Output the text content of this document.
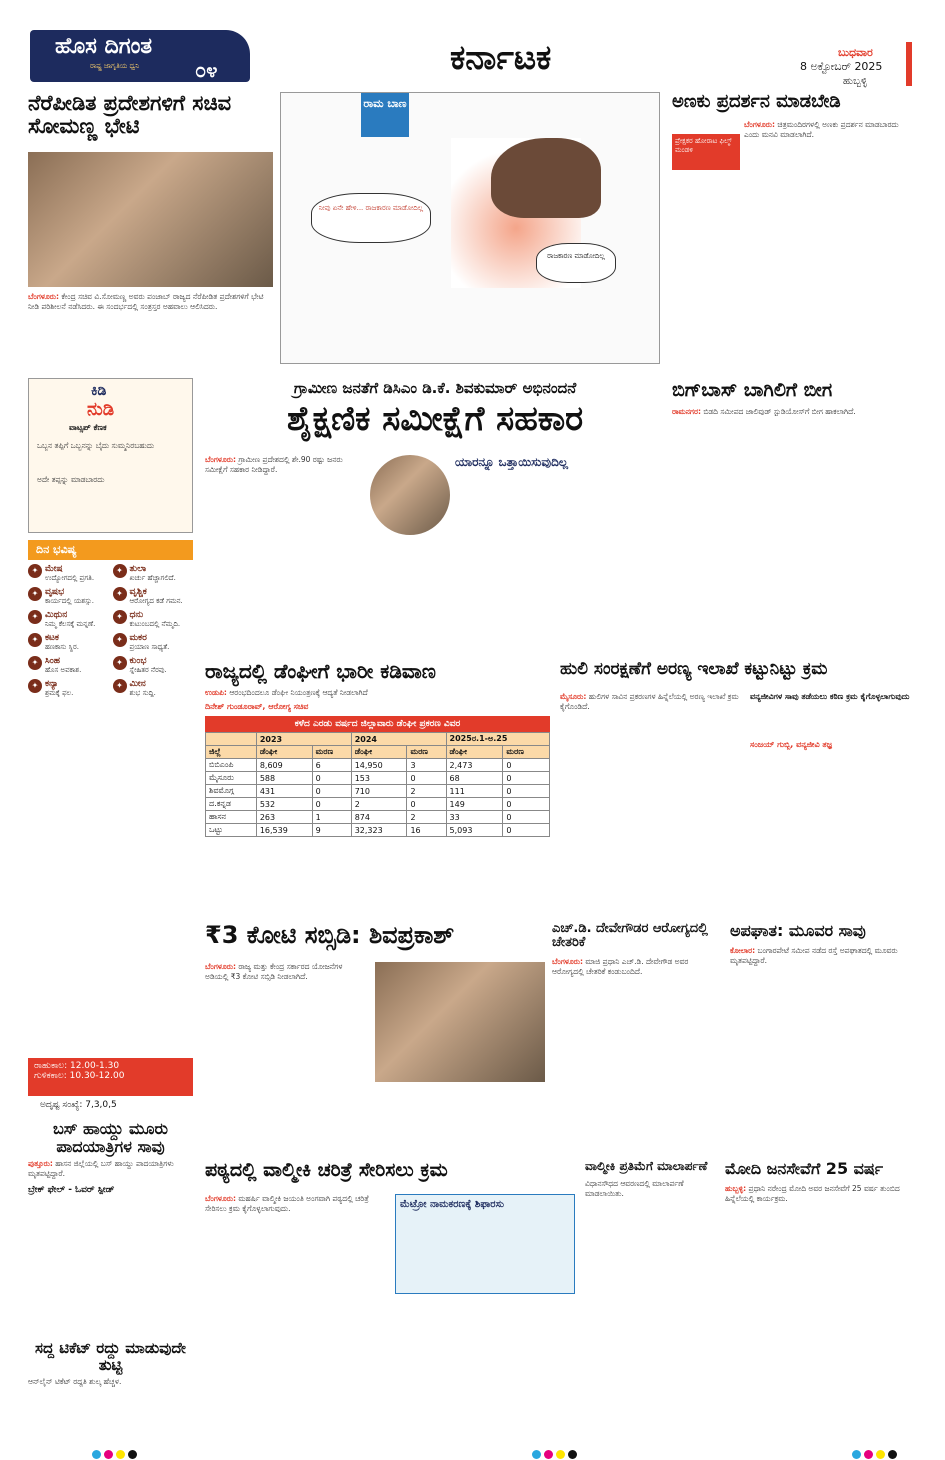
ಹೊಸ ದಿಗಂತ
ರಾಷ್ಟ್ರ ಜಾಗೃತಿಯ ಧ್ವನಿ	೦೪	ಕರ್ನಾಟಕ	ಬುಧವಾರ
8 ಅಕ್ಟೋಬರ್ 2025
ಹುಬ್ಬಳ್ಳಿ
ನೆರೆಪೀಡಿತ ಪ್ರದೇಶಗಳಿಗೆ ಸಚಿವ ಸೋಮಣ್ಣ ಭೇಟಿ
ಬೆಂಗಳೂರು: ಕೇಂದ್ರ ಸಚಿವ ವಿ.ಸೋಮಣ್ಣ ಅವರು ಪಂಜಾಬ್ ರಾಜ್ಯದ ನೆರೆಪೀಡಿತ ಪ್ರದೇಶಗಳಿಗೆ ಭೇಟಿ ನೀಡಿ ಪರಿಶೀಲನೆ ನಡೆಸಿದರು. ಈ ಸಂದರ್ಭದಲ್ಲಿ ಸಂತ್ರಸ್ತರ ಅಹವಾಲು ಆಲಿಸಿದರು.
ರಾಮ ಬಾಣ
ನೀವು ಏನೇ ಹೇಳಿ... ರಾಜಕಾರಣ ಮಾಡೋದಿಲ್ಲ
ರಾಜಕಾರಣ ಮಾಡೋದಿಲ್ಲ
ಅಣಕು ಪ್ರದರ್ಶನ ಮಾಡಬೇಡಿ
ಪ್ರೇಕ್ಷಕರ ಹೋರಾಟ ಫಿಲ್ಮ್ ಮಂಡಳಿ
ಬೆಂಗಳೂರು: ಚಿತ್ರಮಂದಿರಗಳಲ್ಲಿ ಅಣಕು ಪ್ರದರ್ಶನ ಮಾಡಬಾರದು ಎಂದು ಮನವಿ ಮಾಡಲಾಗಿದೆ.
ಕಿಡಿ
ನುಡಿ
ವಾಟ್ಸಪ್ ಕೆಣಕ
ಒಬ್ಬನ ತಪ್ಪಿಗೆ ಒಬ್ಬನನ್ನು ಬೈದು ಸುಮ್ಮನಿರಬಹುದು
ಅದೇ ತಪ್ಪನ್ನು ಮಾಡಬಾರದು
ದಿನ ಭವಿಷ್ಯ
✦ ಮೇಷ
ಉದ್ಯೋಗದಲ್ಲಿ ಪ್ರಗತಿ.
✦ ತುಲಾ
ಖರ್ಚು ಹೆಚ್ಚಾಗಲಿದೆ.
✦ ವೃಷಭ
ಕಾರ್ಯದಲ್ಲಿ ಯಶಸ್ಸು.
✦ ವೃಶ್ಚಿಕ
ಆರೋಗ್ಯದ ಕಡೆ ಗಮನ.
✦ ಮಿಥುನ
ನಿಮ್ಮ ಕೆಲಸಕ್ಕೆ ಮನ್ನಣೆ.
✦ ಧನು
ಕುಟುಂಬದಲ್ಲಿ ನೆಮ್ಮದಿ.
✦ ಕಟಕ
ಹಣಕಾಸು ಸ್ಥಿರ.
✦ ಮಕರ
ಪ್ರಯಾಣ ಸಾಧ್ಯತೆ.
✦ ಸಿಂಹ
ಹೊಸ ಅವಕಾಶ.
✦ ಕುಂಭ
ಸ್ನೇಹಿತರ ನೆರವು.
✦ ಕನ್ಯಾ
ಶ್ರಮಕ್ಕೆ ಫಲ.
✦ ಮೀನ
ಶುಭ ಸುದ್ದಿ.
ರಾಹುಕಾಲ: 12.00-1.30
ಗುಳಿಕಕಾಲ: 10.30-12.00
ಅದೃಷ್ಟ ಸಂಖ್ಯೆ: 7,3,0,5
ಬಸ್ ಹಾಯ್ದು ಮೂರು ಪಾದಯಾತ್ರಿಗಳ ಸಾವು
ಪುತ್ತೂರು: ಹಾಸನ ಜಿಲ್ಲೆಯಲ್ಲಿ ಬಸ್ ಹಾಯ್ದು ಪಾದಯಾತ್ರಿಗಳು ಮೃತಪಟ್ಟಿದ್ದಾರೆ.
ಬ್ರೇಕ್ ಫೇಲ್ - ಓವರ್ ಸ್ಪೀಡ್
ಸದ್ದ ಟಿಕೆಟ್ ರದ್ದು ಮಾಡುವುದೇ ತುಟ್ಟಿ
ಆನ್‌ಲೈನ್ ಟಿಕೆಟ್ ರದ್ದತಿ ಶುಲ್ಕ ಹೆಚ್ಚಳ.
ಗ್ರಾಮೀಣ ಜನತೆಗೆ ಡಿಸಿಎಂ ಡಿ.ಕೆ. ಶಿವಕುಮಾರ್ ಅಭಿನಂದನೆ
ಶೈಕ್ಷಣಿಕ ಸಮೀಕ್ಷೆಗೆ ಸಹಕಾರ
ಬೆಂಗಳೂರು: ಗ್ರಾಮೀಣ ಪ್ರದೇಶದಲ್ಲಿ ಶೇ.90 ರಷ್ಟು ಜನರು ಸಮೀಕ್ಷೆಗೆ ಸಹಕಾರ ನೀಡಿದ್ದಾರೆ.
ಯಾರನ್ನೂ ಒತ್ತಾಯಿಸುವುದಿಲ್ಲ
ಬಿಗ್‌ಬಾಸ್ ಬಾಗಿಲಿಗೆ ಬೀಗ
ರಾಮನಗರ: ಬಿಡದಿ ಸಮೀಪದ ಜಾಲಿವುಡ್ ಸ್ಟುಡಿಯೋಸ್‌ಗೆ ಬೀಗ ಹಾಕಲಾಗಿದೆ.
ರಾಜ್ಯದಲ್ಲಿ ಡೆಂಘೀಗೆ ಭಾರೀ ಕಡಿವಾಣ
ಉಡುಪಿ: ಆರಂಭದಿಂದಲೂ ಡೆಂಘೀ ನಿಯಂತ್ರಣಕ್ಕೆ ಆದ್ಯತೆ ನೀಡಲಾಗಿದೆ
ದಿನೇಶ್ ಗುಂಡೂರಾವ್, ಆರೋಗ್ಯ ಸಚಿವ
ಕಳೆದ ಎರಡು ವರ್ಷದ ಜಿಲ್ಲಾವಾರು ಡೆಂಘೀ ಪ್ರಕರಣ ವಿವರ
	2023		2024		2025ರ.1-ಅ.25	
ಜಿಲ್ಲೆ	ಡೆಂಘೀ	ಮರಣ	ಡೆಂಘೀ	ಮರಣ	ಡೆಂಘೀ	ಮರಣ
ಬಿಬಿಎಂಪಿ	8,609	6	14,950	3	2,473	0
ಮೈಸೂರು	588	0	153	0	68	0
ಶಿವಮೊಗ್ಗ	431	0	710	2	111	0
ದ.ಕನ್ನಡ	532	0	2	0	149	0
ಹಾಸನ	263	1	874	2	33	0
ಒಟ್ಟು	16,539	9	32,323	16	5,093	0
ಹುಲಿ ಸಂರಕ್ಷಣೆಗೆ ಅರಣ್ಯ ಇಲಾಖೆ ಕಟ್ಟುನಿಟ್ಟು ಕ್ರಮ
ವನ್ಯಜೀವಿಗಳ ಸಾವು ತಡೆಯಲು ಕಠಿಣ ಕ್ರಮ ಕೈಗೊಳ್ಳಲಾಗುವುದು
ಸಂಜಯ್ ಗುಬ್ಬಿ, ವನ್ಯಜೀವಿ ತಜ್ಞ
ಮೈಸೂರು: ಹುಲಿಗಳ ಸಾವಿನ ಪ್ರಕರಣಗಳ ಹಿನ್ನೆಲೆಯಲ್ಲಿ ಅರಣ್ಯ ಇಲಾಖೆ ಕ್ರಮ ಕೈಗೊಂಡಿದೆ.
₹3 ಕೋಟಿ ಸಬ್ಸಿಡಿ: ಶಿವಪ್ರಕಾಶ್
ಬೆಂಗಳೂರು: ರಾಜ್ಯ ಮತ್ತು ಕೇಂದ್ರ ಸರ್ಕಾರದ ಯೋಜನೆಗಳ ಅಡಿಯಲ್ಲಿ ₹3 ಕೋಟಿ ಸಬ್ಸಿಡಿ ನೀಡಲಾಗಿದೆ.
ಎಚ್.ಡಿ. ದೇವೇಗೌಡರ ಆರೋಗ್ಯದಲ್ಲಿ ಚೇತರಿಕೆ
ಬೆಂಗಳೂರು: ಮಾಜಿ ಪ್ರಧಾನಿ ಎಚ್.ಡಿ. ದೇವೇಗೌಡ ಅವರ ಆರೋಗ್ಯದಲ್ಲಿ ಚೇತರಿಕೆ ಕಂಡುಬಂದಿದೆ.
ಅಪಘಾತ: ಮೂವರ ಸಾವು
ಕೋಲಾರ: ಬಂಗಾರಪೇಟೆ ಸಮೀಪ ನಡೆದ ರಸ್ತೆ ಅಪಘಾತದಲ್ಲಿ ಮೂವರು ಮೃತಪಟ್ಟಿದ್ದಾರೆ.
ಪಠ್ಯದಲ್ಲಿ ವಾಲ್ಮೀಕಿ ಚರಿತ್ರೆ ಸೇರಿಸಲು ಕ್ರಮ
ಬೆಂಗಳೂರು: ಮಹರ್ಷಿ ವಾಲ್ಮೀಕಿ ಜಯಂತಿ ಅಂಗವಾಗಿ ಪಠ್ಯದಲ್ಲಿ ಚರಿತ್ರೆ ಸೇರಿಸಲು ಕ್ರಮ ಕೈಗೊಳ್ಳಲಾಗುವುದು.	ಮೆಟ್ರೋ ನಾಮಕರಣಕ್ಕೆ ಶಿಫಾರಸು
ವಾಲ್ಮೀಕಿ ಪ್ರತಿಮೆಗೆ ಮಾಲಾರ್ಪಣೆ
ವಿಧಾನಸೌಧದ ಆವರಣದಲ್ಲಿ ಮಾಲಾರ್ಪಣೆ ಮಾಡಲಾಯಿತು.
ಮೋದಿ ಜನಸೇವೆಗೆ 25 ವರ್ಷ
ಹುಬ್ಬಳ್ಳಿ: ಪ್ರಧಾನಿ ನರೇಂದ್ರ ಮೋದಿ ಅವರ ಜನಸೇವೆಗೆ 25 ವರ್ಷ ತುಂಬಿದ ಹಿನ್ನೆಲೆಯಲ್ಲಿ ಕಾರ್ಯಕ್ರಮ.
